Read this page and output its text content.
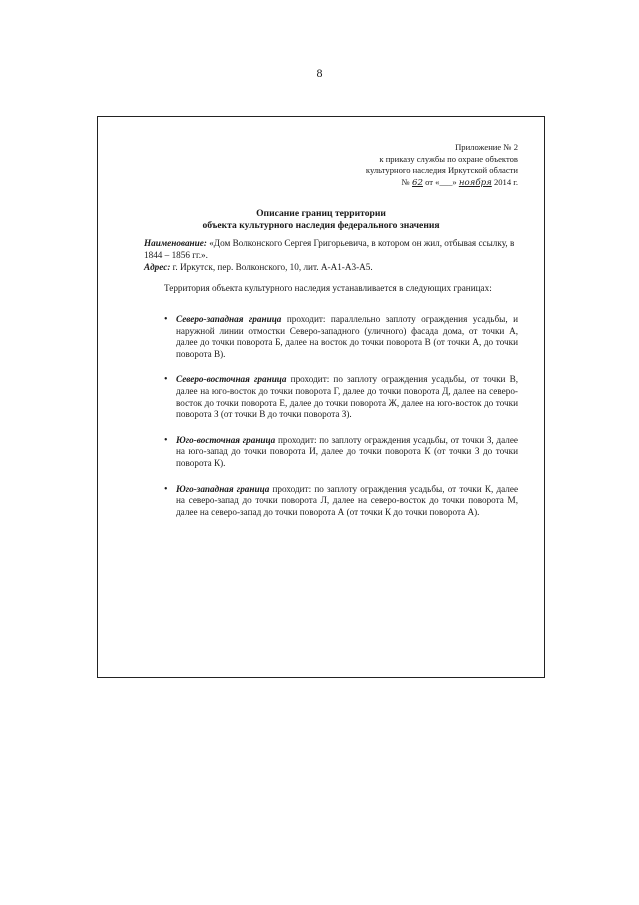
8
Приложение № 2
к приказу службы по охране объектов
культурного наследия Иркутской области
№ 62 от «___» ноября 2014 г.
Описание границ территории
объекта культурного наследия федерального значения
Наименование: «Дом Волконского Сергея Григорьевича, в котором он жил, отбывая ссылку, в 1844 – 1856 гг.».
Адрес: г. Иркутск, пер. Волконского, 10, лит. А-А1-А3-А5.
Территория объекта культурного наследия устанавливается в следующих границах:
• Северо-западная граница проходит: параллельно заплоту ограждения усадьбы, и наружной линии отмостки Северо-западного (уличного) фасада дома, от точки А, далее до точки поворота Б, далее на восток до точки поворота В (от точки А, до точки поворота В).
• Северо-восточная граница проходит: по заплоту ограждения усадьбы, от точки В, далее на юго-восток до точки поворота Г, далее до точки поворота Д, далее на северо-восток до точки поворота Е, далее до точки поворота Ж, далее на юго-восток до точки поворота З (от точки В до точки поворота З).
• Юго-восточная граница проходит: по заплоту ограждения усадьбы, от точки З, далее на юго-запад до точки поворота И, далее до точки поворота К (от точки З до точки поворота К).
• Юго-западная граница проходит: по заплоту ограждения усадьбы, от точки К, далее на северо-запад до точки поворота Л, далее на северо-восток до точки поворота М, далее на северо-запад до точки поворота А (от точки К до точки поворота А).
